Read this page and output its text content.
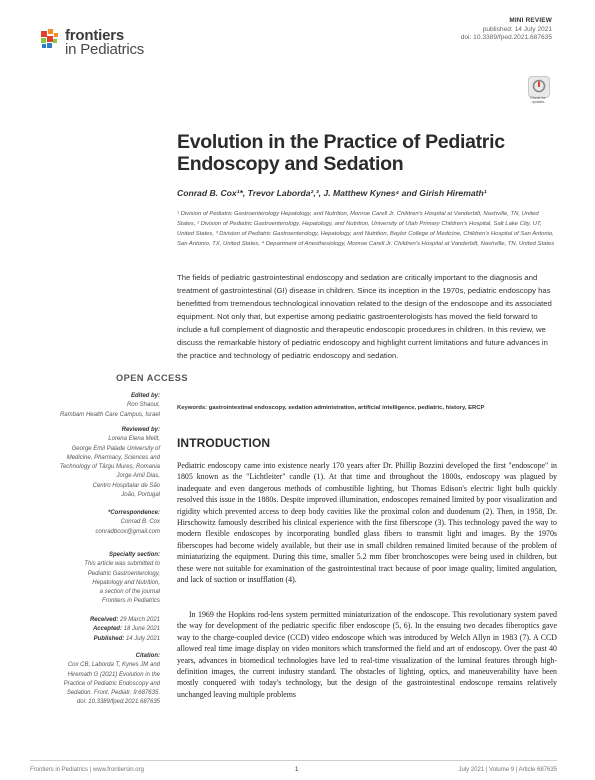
frontiers
in Pediatrics
MINI REVIEW
published: 14 July 2021
doi: 10.3389/fped.2021.687635
Check for
updates
Evolution in the Practice of Pediatric Endoscopy and Sedation
Conrad B. Cox¹*, Trevor Laborda²,³, J. Matthew Kynes⁴ and Girish Hiremath¹
¹ Division of Pediatric Gastroenterology Hepatology, and Nutrition, Monroe Carell Jr. Children's Hospital at Vanderbilt, Nashville, TN, United States, ² Division of Pediatric Gastroenterology, Hepatology, and Nutrition, University of Utah Primary Children's Hospital, Salt Lake City, UT, United States, ³ Division of Pediatric Gastroenterology, Hepatology, and Nutrition, Baylor College of Medicine, Children's Hospital of San Antonio, San Antonio, TX, United States, ⁴ Department of Anesthesiology, Monroe Carell Jr. Children's Hospital at Vanderbilt, Nashville, TN, United States
The fields of pediatric gastrointestinal endoscopy and sedation are critically important to the diagnosis and treatment of gastrointestinal (GI) disease in children. Since its inception in the 1970s, pediatric endoscopy has benefitted from tremendous technological innovation related to the design of the endoscope and its associated equipment. Not only that, but expertise among pediatric gastroenterologists has moved the field forward to include a full complement of diagnostic and therapeutic endoscopic procedures in children. In this review, we discuss the remarkable history of pediatric endoscopy and highlight current limitations and future advances in the practice and technology of pediatric endoscopy and sedation.
Keywords: gastrointestinal endoscopy, sedation administration, artificial intelligence, pediatric, history, ERCP
INTRODUCTION
Pediatric endoscopy came into existence nearly 170 years after Dr. Phillip Bozzini developed the first "endoscope" in 1805 known as the "Lichtleiter" candle (1). At that time and throughout the 1800s, endoscopy was plagued by inadequate and even dangerous methods of combustible lighting, but Thomas Edison's electric light bulb quickly resolved this issue in the 1880s. Despite improved illumination, endoscopes remained limited by poor visualization and rigidity which prevented access to deep body cavities like the proximal colon and duodenum (2). Then, in 1958, Dr. Hirschowitz famously described his clinical experience with the first fiberscope (3). This technology paved the way to modern flexible endoscopes by incorporating bundled glass fibers to transmit light and images. By the 1970s fiberscopes had become widely available, but their use in small children remained limited because of the problem of miniaturizing the equipment. During this time, smaller 5.2 mm fiber bronchoscopes were being used in children, but these were not suitable for examination of the gastrointestinal tract because of poor image quality, limited angulation, and lack of suction or insufflation (4).
In 1969 the Hopkins rod-lens system permitted miniaturization of the endoscope. This revolutionary system paved the way for development of the pediatric specific fiber endoscope (5, 6). In the ensuing two decades fiberoptics gave way to the charge-coupled device (CCD) video endoscope which was introduced by Welch Allyn in 1983 (7). A CCD allowed real time image display on video monitors which transformed the field and art of endoscopy. Over the past 40 years, advances in biomedical technologies have led to real-time visualization of the luminal features through high-definition images, the current industry standard. The obstacles of lighting, optics, and maneuverability have been mostly conquered with today's technology, but the design of the gastrointestinal endoscope remains relatively unchanged leaving multiple problems
OPEN ACCESS
Edited by:
Ron Shaoul,
Rambam Health Care Campus, Israel
Reviewed by:
Lorena Elena Melit,
George Emil Palade University of
Medicine, Pharmacy, Sciences and
Technology of Târgu Mureș, Romania
Jorge Amil Dias,
Centro Hospitalar de São
João, Portugal
*Correspondence:
Conrad B. Cox
conradbcox@gmail.com
Specialty section:
This article was submitted to
Pediatric Gastroenterology,
Hepatology and Nutrition,
a section of the journal
Frontiers in Pediatrics
Received: 29 March 2021
Accepted: 18 June 2021
Published: 14 July 2021
Citation:
Cox CB, Laborda T, Kynes JM and
Hiremath G (2021) Evolution in the
Practice of Pediatric Endoscopy and
Sedation. Front. Pediatr. 9:687635.
doi: 10.3389/fped.2021.687635
Frontiers in Pediatrics | www.frontiersin.org	1	July 2021 | Volume 9 | Article 687635
